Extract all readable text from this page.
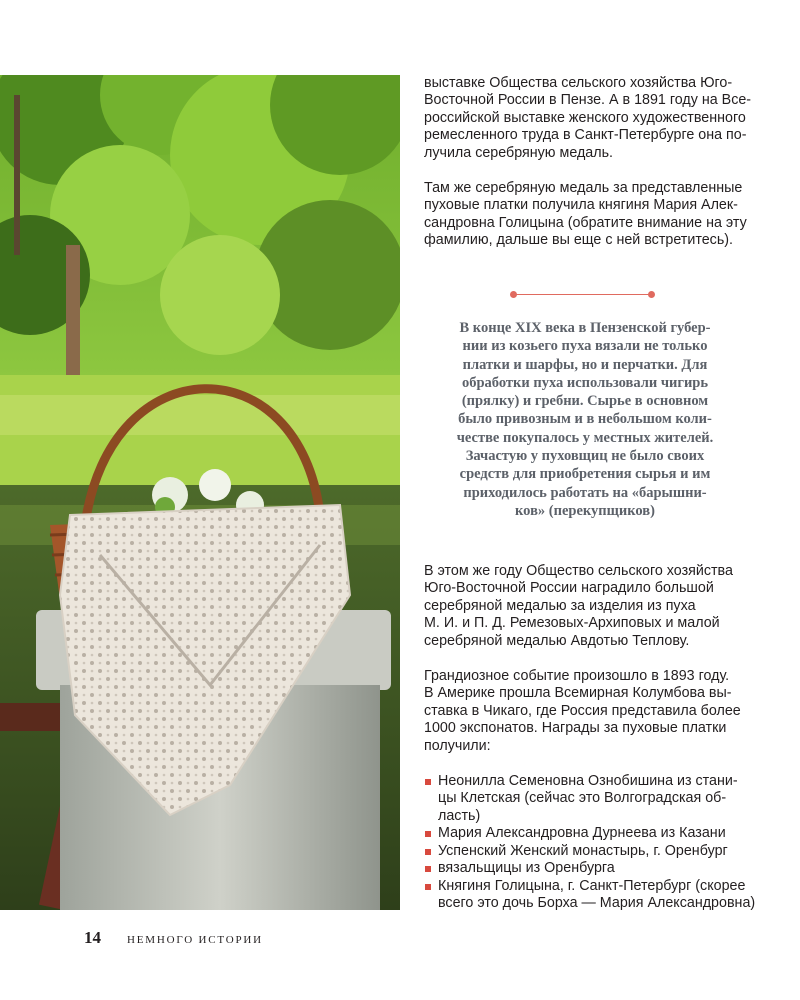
выставке Общества сельского хозяйства Юго-
Восточной России в Пензе. А в 1891 году на Все-
российской выставке женского художественного
ремесленного труда в Санкт-Петербурге она по-
лучила серебряную медаль.

Там же серебряную медаль за представленные
пуховые платки получила княгиня Мария Алек-
сандровна Голицына (обратите внимание на эту
фамилию, дальше вы еще с ней встретитесь).

В конце XIX века в Пензенской губер-
нии из козьего пуха вязали не только
платки и шарфы, но и перчатки. Для
обработки пуха использовали чигирь
(прялку) и гребни. Сырье в основном
было привозным и в небольшом коли-
честве покупалось у местных жителей.
Зачастую у пуховщиц не было своих
средств для приобретения сырья и им
приходилось работать на «барышни-
ков» (перекупщиков)

В этом же году Общество сельского хозяйства
Юго-Восточной России наградило большой
серебряной медалью за изделия из пуха
М. И. и П. Д. Ремезовых-Архиповых и малой
серебряной медалью Авдотью Теплову.

Грандиозное событие произошло в 1893 году.
В Америке прошла Всемирная Колумбова вы-
ставка в Чикаго, где Россия представила более
1000 экспонатов. Награды за пуховые платки
получили:

Неонилла Семеновна Ознобишина из стани-
цы Клетская (сейчас это Волгоградская об-
ласть)
Мария Александровна Дурнеева из Казани
Успенский Женский монастырь, г. Оренбург
вязальщицы из Оренбурга
Княгиня Голицына, г. Санкт-Петербург (скорее
всего это дочь Борха — Мария Александровна)
14 НЕМНОГО ИСТОРИИ
